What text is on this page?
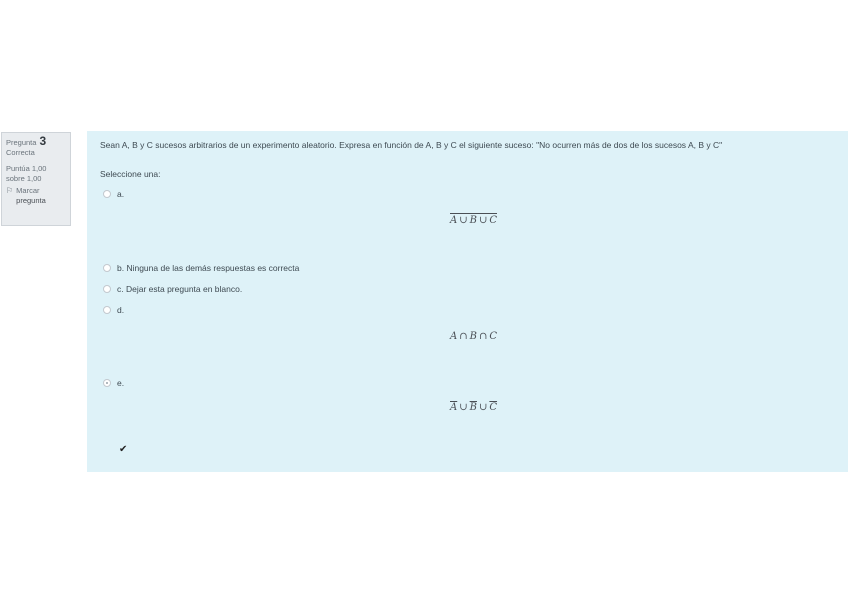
Pregunta 3
Correcta
Puntúa 1,00
sobre 1,00
⚐ Marcar
pregunta
Sean A, B y C sucesos arbitrarios de un experimento aleatorio. Expresa en función de A, B y C el siguiente suceso: "No ocurren más de dos de los sucesos A, B y C"
Seleccione una:
a.
A ∪ B ∪ C
b. Ninguna de las demás respuestas es correcta
c. Dejar esta pregunta en blanco.
d.
A ∩ B ∩ C
e.
$\overline{A}$ ∪ $\overline{B}$ ∪ $\overline{C}$
✔
